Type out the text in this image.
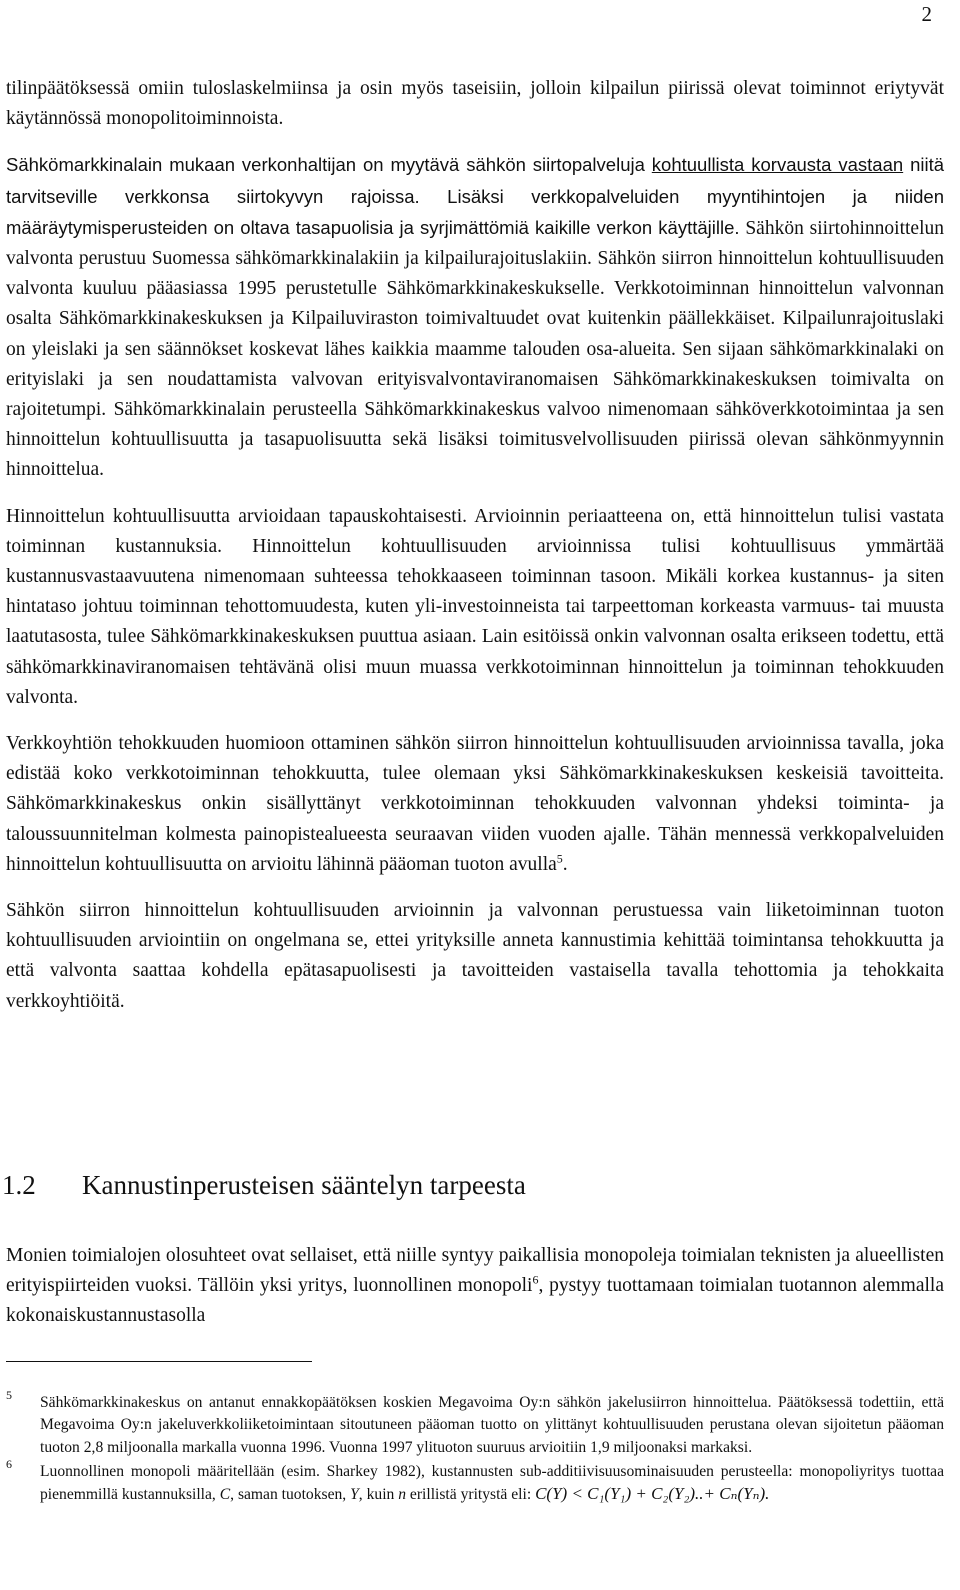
2

tilinpäätöksessä omiin tuloslaskelmiinsa ja osin myös taseisiin, jolloin kilpailun piirissä olevat toiminnot eriytyvät käytännössä monopolitoiminnoista.

Sähkömarkkinalain mukaan verkonhaltijan on myytävä sähkön siirtopalveluja kohtuullista korvausta vastaan niitä tarvitseville verkkonsa siirtokyvyn rajoissa. Lisäksi verkkopalveluiden myyntihintojen ja niiden määräytymisperusteiden on oltava tasapuolisia ja syrjimättömiä kaikille verkon käyttäjille. Sähkön siirtohinnoittelun valvonta perustuu Suomessa sähkömarkkinalakiin ja kilpailurajoituslakiin. Sähkön siirron hinnoittelun kohtuullisuuden valvonta kuuluu pääasiassa 1995 perustetulle Sähkömarkkinakeskukselle. Verkkotoiminnan hinnoittelun valvonnan osalta Sähkömarkkinakeskuksen ja Kilpailuviraston toimivaltuudet ovat kuitenkin päällekkäiset. Kilpailunrajoituslaki on yleislaki ja sen säännökset koskevat lähes kaikkia maamme talouden osa-alueita. Sen sijaan sähkömarkkinalaki on erityislaki ja sen noudattamista valvovan erityisvalvontaviranomaisen Sähkömarkkinakeskuksen toimivalta on rajoitetumpi. Sähkömarkkinalain perusteella Sähkömarkkinakeskus valvoo nimenomaan sähköverkkotoimintaa ja sen hinnoittelun kohtuullisuutta ja tasapuolisuutta sekä lisäksi toimitusvelvollisuuden piirissä olevan sähkönmyynnin hinnoittelua.

Hinnoittelun kohtuullisuutta arvioidaan tapauskohtaisesti. Arvioinnin periaatteena on, että hinnoittelun tulisi vastata toiminnan kustannuksia. Hinnoittelun kohtuullisuuden arvioinnissa tulisi kohtuullisuus ymmärtää kustannusvastaavuutena nimenomaan suhteessa tehokkaaseen toiminnan tasoon. Mikäli korkea kustannus- ja siten hintataso johtuu toiminnan tehottomuudesta, kuten yli-investoinneista tai tarpeettoman korkeasta varmuus- tai muusta laatutasosta, tulee Sähkömarkkinakeskuksen puuttua asiaan. Lain esitöissä onkin valvonnan osalta erikseen todettu, että sähkömarkkinaviranomaisen tehtävänä olisi muun muassa verkkotoiminnan hinnoittelun ja toiminnan tehokkuuden valvonta.

Verkkoyhtiön tehokkuuden huomioon ottaminen sähkön siirron hinnoittelun kohtuullisuuden arvioinnissa tavalla, joka edistää koko verkkotoiminnan tehokkuutta, tulee olemaan yksi Sähkömarkkinakeskuksen keskeisiä tavoitteita. Sähkömarkkinakeskus onkin sisällyttänyt verkkotoiminnan tehokkuuden valvonnan yhdeksi toiminta- ja taloussuunnitelman kolmesta painopistealueesta seuraavan viiden vuoden ajalle. Tähän mennessä verkkopalveluiden hinnoittelun kohtuullisuutta on arvioitu lähinnä pääoman tuoton avulla$^5$.

Sähkön siirron hinnoittelun kohtuullisuuden arvioinnin ja valvonnan perustuessa vain liiketoiminnan tuoton kohtuullisuuden arviointiin on ongelmana se, ettei yrityksille anneta kannustimia kehittää toimintansa tehokkuutta ja että valvonta saattaa kohdella epätasapuolisesti ja tavoitteiden vastaisella tavalla tehottomia ja tehokkaita verkkoyhtiöitä.

1.2 Kannustinperusteisen sääntelyn tarpeesta

Monien toimialojen olosuhteet ovat sellaiset, että niille syntyy paikallisia monopoleja toimialan teknisten ja alueellisten erityispiirteiden vuoksi. Tällöin yksi yritys, luonnollinen monopoli$^6$, pystyy tuottamaan toimialan tuotannon alemmalla kokonaiskustannustasolla

5 Sähkömarkkinakeskus on antanut ennakkopäätöksen koskien Megavoima Oy:n sähkön jakelusiirron hinnoittelua. Päätöksessä todettiin, että Megavoima Oy:n jakeluverkkoliiketoimintaan sitoutuneen pääoman tuotto on ylittänyt kohtuullisuuden perustana olevan sijoitetun pääoman tuoton 2,8 miljoonalla markalla vuonna 1996. Vuonna 1997 ylituoton suuruus arvioitiin 1,9 miljoonaksi markaksi.
6 Luonnollinen monopoli määritellään (esim. Sharkey 1982), kustannusten sub-additiivisuusominaisuuden perusteella: monopoliyritys tuottaa pienemmillä kustannuksilla, C, saman tuotoksen, Y, kuin n erillistä yritystä eli: C(Y) < C₁(Y₁) + C₂(Y₂)..+ Cₙ(Yₙ).
